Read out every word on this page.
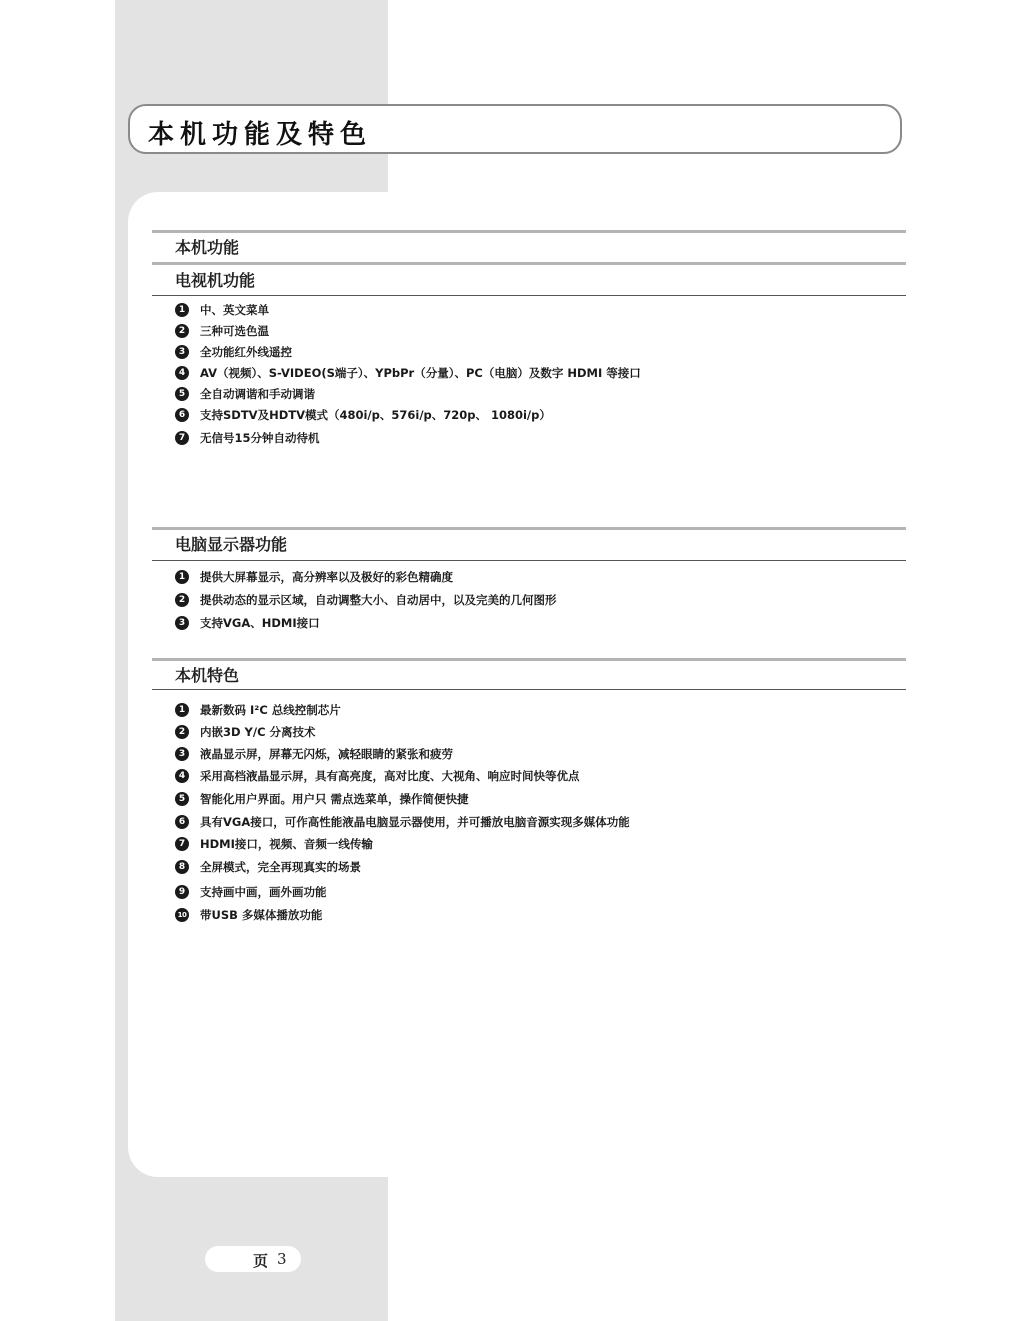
本机功能及特色
本机功能
电视机功能
1	中、英文菜单
2	三种可选色温
3	全功能红外线遥控
4	AV（视频）、S-VIDEO(S端子）、YPbPr（分量）、PC（电脑）及数字 HDMI 等接口
5	全自动调谐和手动调谐
6	支持SDTV及HDTV模式（480i/p、576i/p、720p、 1080i/p）
7	无信号15分钟自动待机
电脑显示器功能
1	提供大屏幕显示，高分辨率以及极好的彩色精确度
2	提供动态的显示区域，自动调整大小、自动居中，以及完美的几何图形
3	支持VGA、HDMI接口
本机特色
1	最新数码 I²C 总线控制芯片
2	内嵌3D Y/C 分离技术
3	液晶显示屏，屏幕无闪烁，减轻眼睛的紧张和疲劳
4	采用高档液晶显示屏，具有高亮度，高对比度、大视角、响应时间快等优点
5	智能化用户界面。用户只 需点选菜单，操作简便快捷
6	具有VGA接口，可作高性能液晶电脑显示器使用，并可播放电脑音源实现多媒体功能
7	HDMI接口，视频、音频一线传输
8	全屏模式，完全再现真实的场景
9	支持画中画，画外画功能
10 带USB 多媒体播放功能
页 3
